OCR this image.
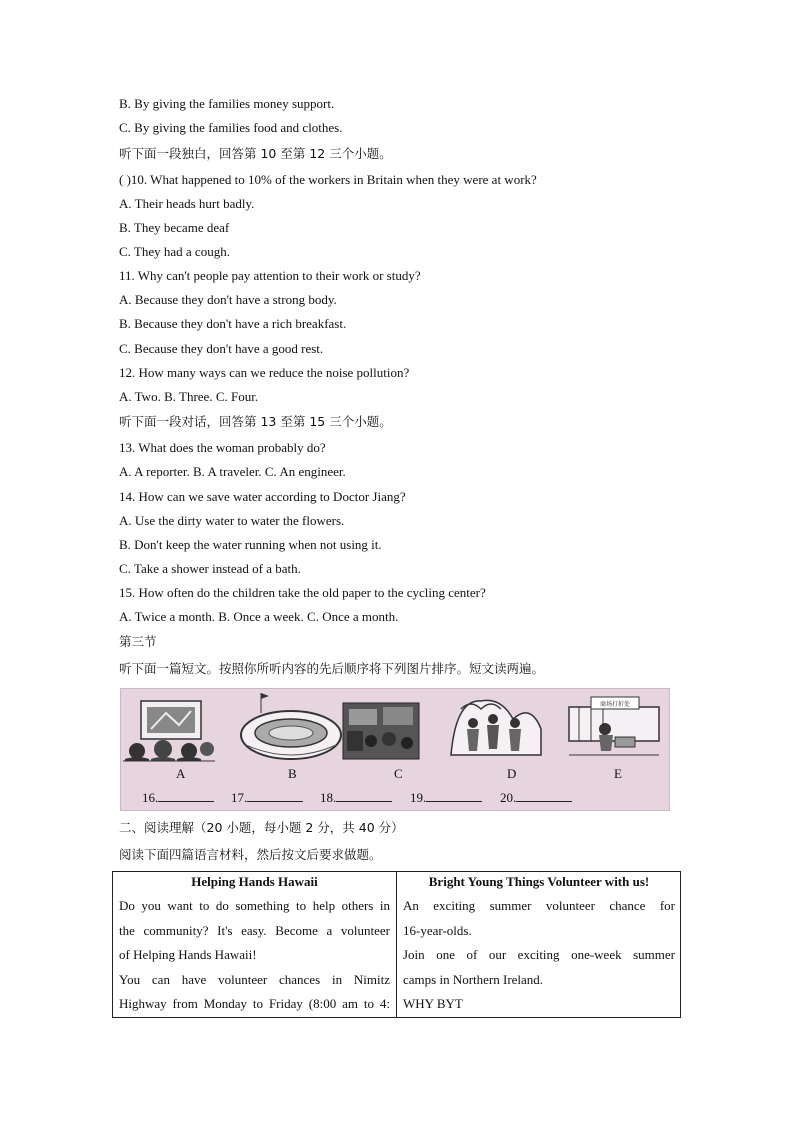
B. By giving the families money support.
C. By giving the families food and clothes.
听下面一段独白，回答第 10 至第 12 三个小题。
( )10. What happened to 10% of the workers in Britain when they were at work?
A. Their heads hurt badly.
B. They became deaf
C. They had a cough.
11. Why can't people pay attention to their work or study?
A. Because they don't have a strong body.
B. Because they don't have a rich breakfast.
C. Because they don't have a good rest.
12. How many ways can we reduce the noise pollution?
A. Two. B. Three. C. Four.
听下面一段对话，回答第 13 至第 15 三个小题。
13. What does the woman probably do?
A. A reporter. B. A traveler. C. An engineer.
14. How can we save water according to Doctor Jiang?
A. Use the dirty water to water the flowers.
B. Don't keep the water running when not using it.
C. Take a shower instead of a bath.
15. How often do the children take the old paper to the cycling center?
A. Twice a month. B. Once a week. C. Once a month.
第三节
听下面一篇短文。按照你所听内容的先后顺序将下列图片排序。短文读两遍。
商场打折处
A	B	C	D	E
16.	17.	18.	19.	20.
二、阅读理解（20 小题，每小题 2 分，共 40 分）
阅读下面四篇语言材料，然后按文后要求做题。
Helping Hands Hawaii
Do you want to do something to help others in
the community? It's easy. Become a volunteer
of Helping Hands Hawaii!
You can have volunteer chances in Nimitz
Highway from Monday to Friday (8:00 am to 4:
Bright Young Things Volunteer with us!
An exciting summer volunteer chance for
16-year-olds.
Join one of our exciting one-week summer
camps in Northern Ireland.
WHY BYT
